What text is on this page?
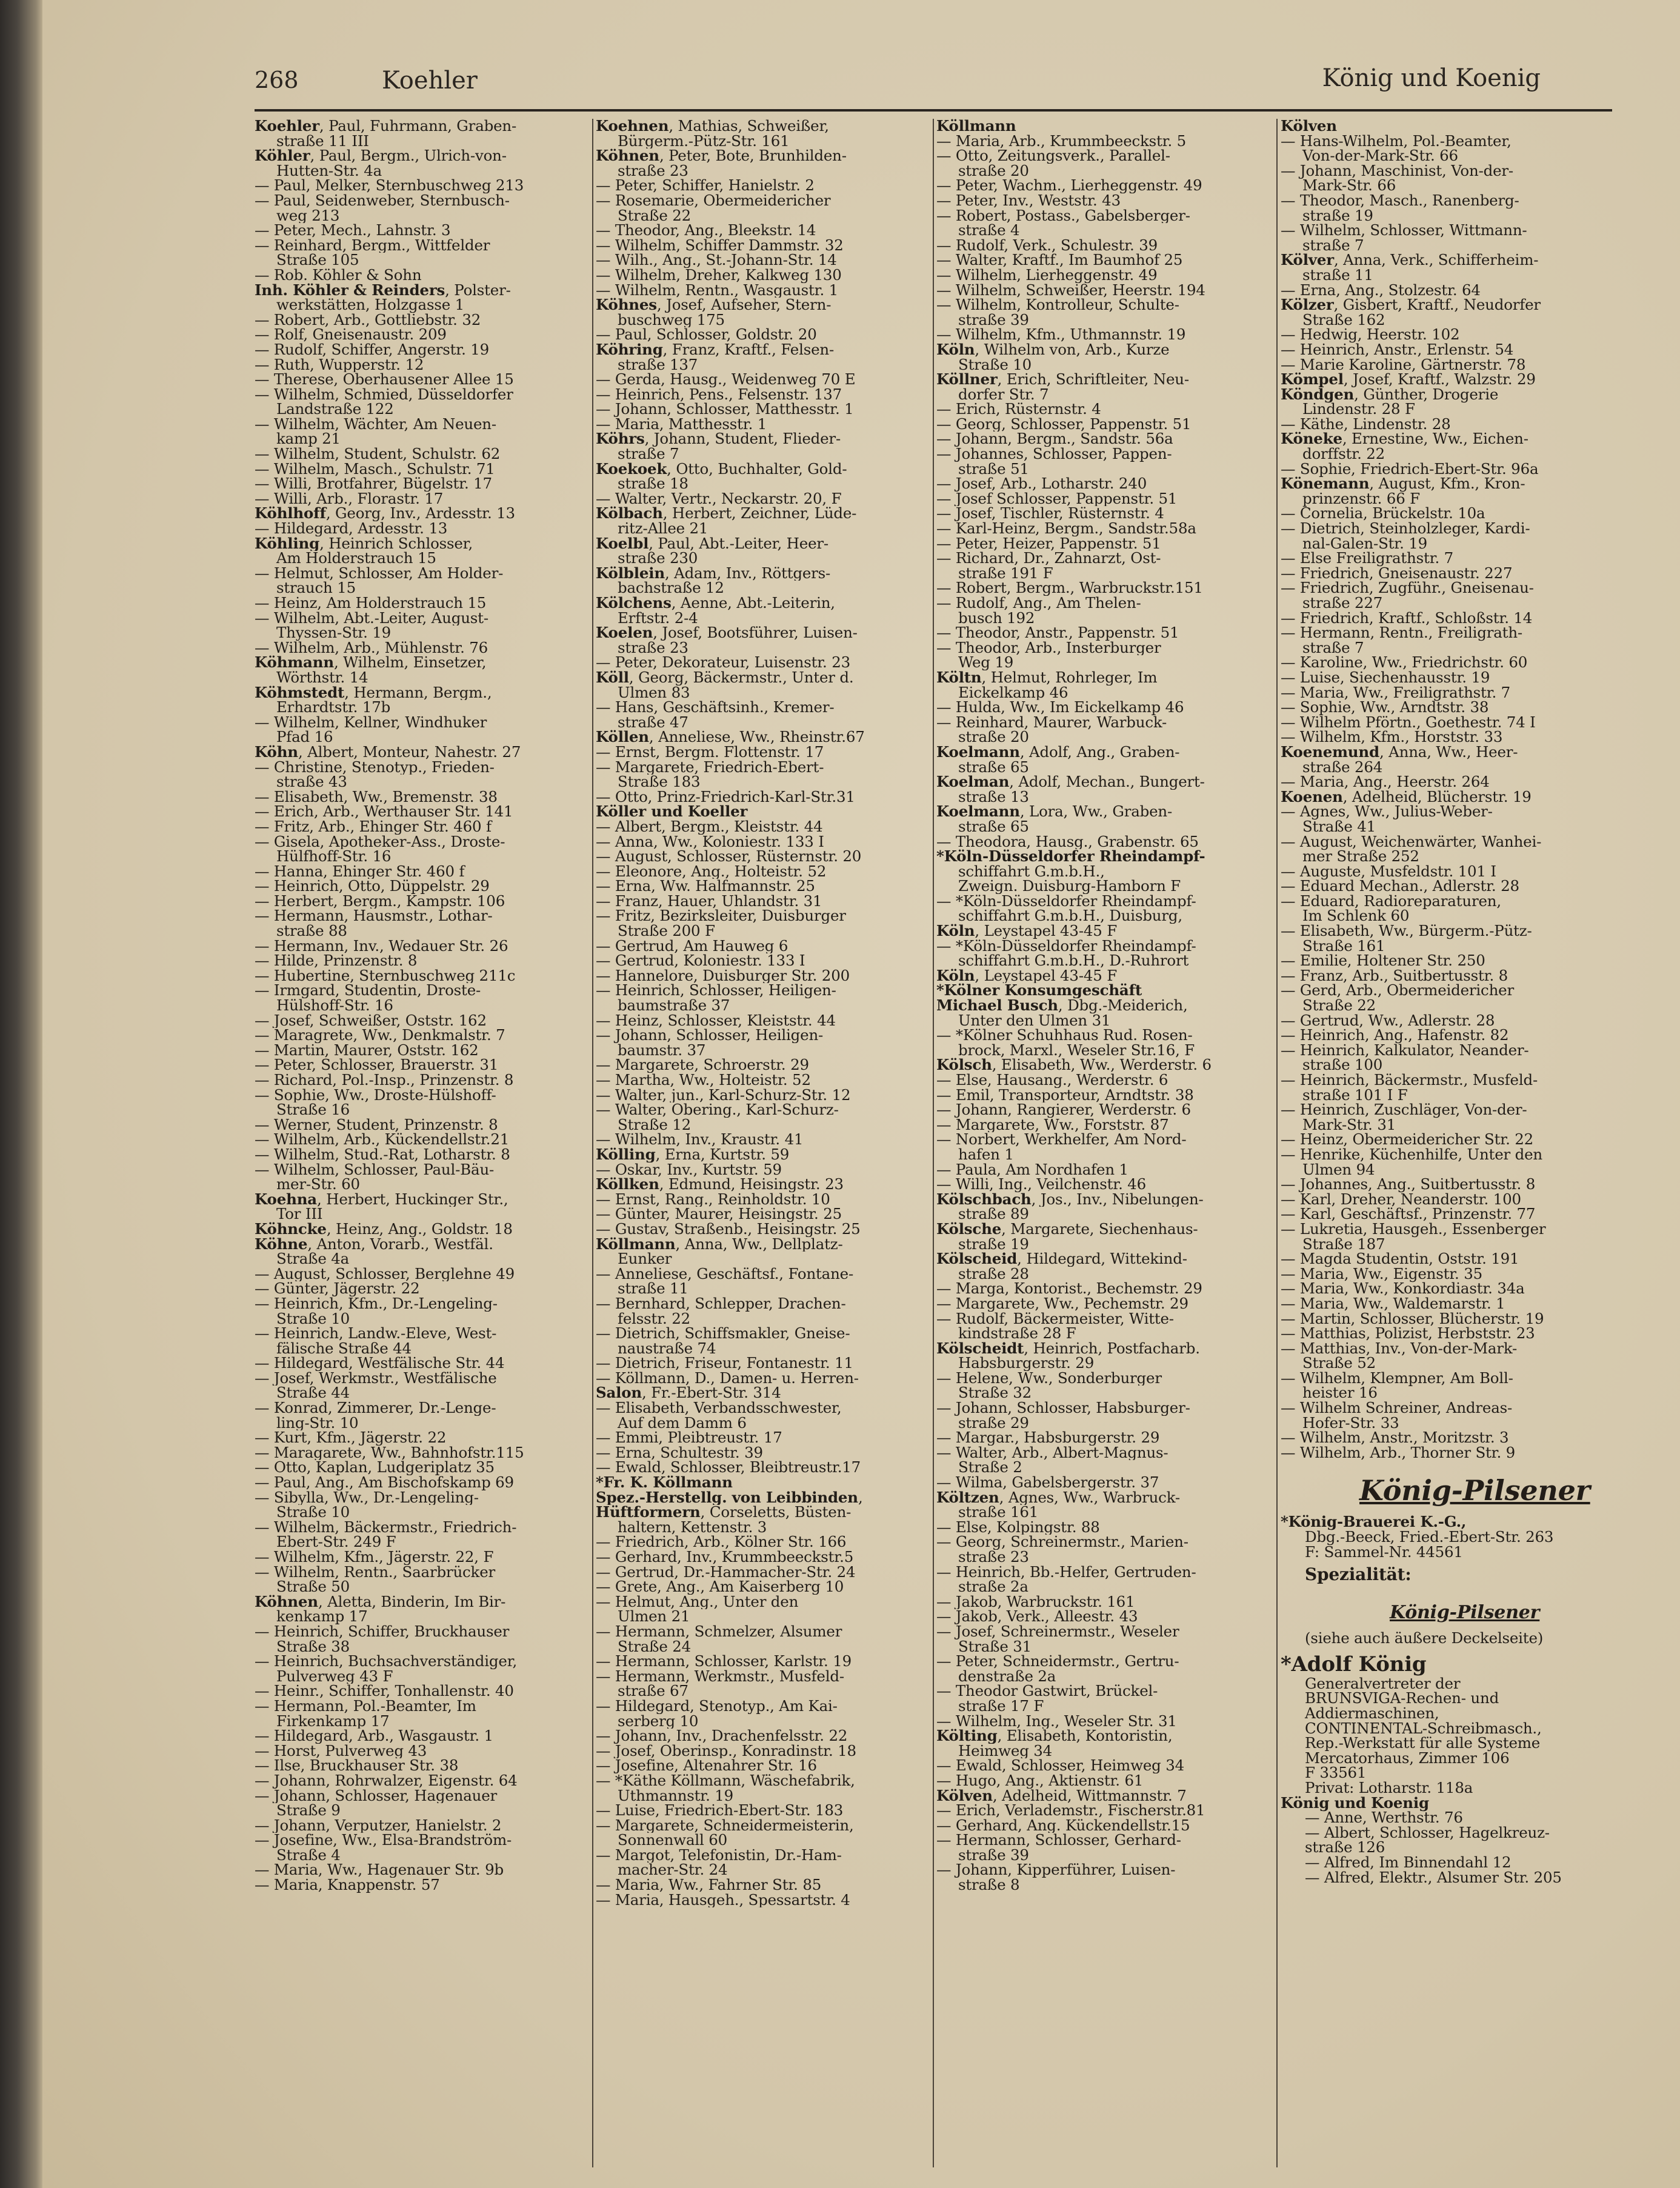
268	Koehler	König und Koenig
Koehler, Paul, Fuhrmann, Graben-
straße 11 III
Köhler, Paul, Bergm., Ulrich-von-
Hutten-Str. 4a
— Paul, Melker, Sternbuschweg 213
— Paul, Seidenweber, Sternbusch-
weg 213
— Peter, Mech., Lahnstr. 3
— Reinhard, Bergm., Wittfelder
Straße 105
— Rob. Köhler & Sohn
Inh. Köhler & Reinders, Polster-
werkstätten, Holzgasse 1
— Robert, Arb., Gottliebstr. 32
— Rolf, Gneisenaustr. 209
— Rudolf, Schiffer, Angerstr. 19
— Ruth, Wupperstr. 12
— Therese, Oberhausener Allee 15
— Wilhelm, Schmied, Düsseldorfer
Landstraße 122
— Wilhelm, Wächter, Am Neuen-
kamp 21
— Wilhelm, Student, Schulstr. 62
— Wilhelm, Masch., Schulstr. 71
— Willi, Brotfahrer, Bügelstr. 17
— Willi, Arb., Florastr. 17
Köhlhoff, Georg, Inv., Ardesstr. 13
— Hildegard, Ardesstr. 13
Köhling, Heinrich Schlosser,
Am Holderstrauch 15
— Helmut, Schlosser, Am Holder-
strauch 15
— Heinz, Am Holderstrauch 15
— Wilhelm, Abt.-Leiter, August-
Thyssen-Str. 19
— Wilhelm, Arb., Mühlenstr. 76
Köhmann, Wilhelm, Einsetzer,
Wörthstr. 14
Köhmstedt, Hermann, Bergm.,
Erhardtstr. 17b
— Wilhelm, Kellner, Windhuker
Pfad 16
Köhn, Albert, Monteur, Nahestr. 27
— Christine, Stenotyp., Frieden-
straße 43
— Elisabeth, Ww., Bremenstr. 38
— Erich, Arb., Werthauser Str. 141
— Fritz, Arb., Ehinger Str. 460 f
— Gisela, Apotheker-Ass., Droste-
Hülfhoff-Str. 16
— Hanna, Ehinger Str. 460 f
— Heinrich, Otto, Düppelstr. 29
— Herbert, Bergm., Kampstr. 106
— Hermann, Hausmstr., Lothar-
straße 88
— Hermann, Inv., Wedauer Str. 26
— Hilde, Prinzenstr. 8
— Hubertine, Sternbuschweg 211c
— Irmgard, Studentin, Droste-
Hülshoff-Str. 16
— Josef, Schweißer, Oststr. 162
— Maragrete, Ww., Denkmalstr. 7
— Martin, Maurer, Oststr. 162
— Peter, Schlosser, Brauerstr. 31
— Richard, Pol.-Insp., Prinzenstr. 8
— Sophie, Ww., Droste-Hülshoff-
Straße 16
— Werner, Student, Prinzenstr. 8
— Wilhelm, Arb., Kückendellstr.21
— Wilhelm, Stud.-Rat, Lotharstr. 8
— Wilhelm, Schlosser, Paul-Bäu-
mer-Str. 60
Koehna, Herbert, Huckinger Str.,
Tor III
Köhncke, Heinz, Ang., Goldstr. 18
Köhne, Anton, Vorarb., Westfäl.
Straße 4a
— August, Schlosser, Berglehne 49
— Günter, Jägerstr. 22
— Heinrich, Kfm., Dr.-Lengeling-
Straße 10
— Heinrich, Landw.-Eleve, West-
fälische Straße 44
— Hildegard, Westfälische Str. 44
— Josef, Werkmstr., Westfälische
Straße 44
— Konrad, Zimmerer, Dr.-Lenge-
ling-Str. 10
— Kurt, Kfm., Jägerstr. 22
— Maragarete, Ww., Bahnhofstr.115
— Otto, Kaplan, Ludgeriplatz 35
— Paul, Ang., Am Bischofskamp 69
— Sibylla, Ww., Dr.-Lengeling-
Straße 10
— Wilhelm, Bäckermstr., Friedrich-
Ebert-Str. 249 F
— Wilhelm, Kfm., Jägerstr. 22, F
— Wilhelm, Rentn., Saarbrücker
Straße 50
Köhnen, Aletta, Binderin, Im Bir-
kenkamp 17
— Heinrich, Schiffer, Bruckhauser
Straße 38
— Heinrich, Buchsachverständiger,
Pulverweg 43 F
— Heinr., Schiffer, Tonhallenstr. 40
— Hermann, Pol.-Beamter, Im
Firkenkamp 17
— Hildegard, Arb., Wasgaustr. 1
— Horst, Pulverweg 43
— Ilse, Bruckhauser Str. 38
— Johann, Rohrwalzer, Eigenstr. 64
— Johann, Schlosser, Hagenauer
Straße 9
— Johann, Verputzer, Hanielstr. 2
— Josefine, Ww., Elsa-Brandström-
Straße 4
— Maria, Ww., Hagenauer Str. 9b
— Maria, Knappenstr. 57
Koehnen, Mathias, Schweißer,
Bürgerm.-Pütz-Str. 161
Köhnen, Peter, Bote, Brunhilden-
straße 23
— Peter, Schiffer, Hanielstr. 2
— Rosemarie, Obermeidericher
Straße 22
— Theodor, Ang., Bleekstr. 14
— Wilhelm, Schiffer Dammstr. 32
— Wilh., Ang., St.-Johann-Str. 14
— Wilhelm, Dreher, Kalkweg 130
— Wilhelm, Rentn., Wasgaustr. 1
Köhnes, Josef, Aufseher, Stern-
buschweg 175
— Paul, Schlosser, Goldstr. 20
Köhring, Franz, Kraftf., Felsen-
straße 137
— Gerda, Hausg., Weidenweg 70 E
— Heinrich, Pens., Felsenstr. 137
— Johann, Schlosser, Matthesstr. 1
— Maria, Matthesstr. 1
Köhrs, Johann, Student, Flieder-
straße 7
Koekoek, Otto, Buchhalter, Gold-
straße 18
— Walter, Vertr., Neckarstr. 20, F
Kölbach, Herbert, Zeichner, Lüde-
ritz-Allee 21
Koelbl, Paul, Abt.-Leiter, Heer-
straße 230
Kölblein, Adam, Inv., Röttgers-
bachstraße 12
Kölchens, Aenne, Abt.-Leiterin,
Erftstr. 2-4
Koelen, Josef, Bootsführer, Luisen-
straße 23
— Peter, Dekorateur, Luisenstr. 23
Köll, Georg, Bäckermstr., Unter d.
Ulmen 83
— Hans, Geschäftsinh., Kremer-
straße 47
Köllen, Anneliese, Ww., Rheinstr.67
— Ernst, Bergm. Flottenstr. 17
— Margarete, Friedrich-Ebert-
Straße 183
— Otto, Prinz-Friedrich-Karl-Str.31
Köller und Koeller
— Albert, Bergm., Kleiststr. 44
— Anna, Ww., Koloniestr. 133 I
— August, Schlosser, Rüsternstr. 20
— Eleonore, Ang., Holteistr. 52
— Erna, Ww. Halfmannstr. 25
— Franz, Hauer, Uhlandstr. 31
— Fritz, Bezirksleiter, Duisburger
Straße 200 F
— Gertrud, Am Hauweg 6
— Gertrud, Koloniestr. 133 I
— Hannelore, Duisburger Str. 200
— Heinrich, Schlosser, Heiligen-
baumstraße 37
— Heinz, Schlosser, Kleiststr. 44
— Johann, Schlosser, Heiligen-
baumstr. 37
— Margarete, Schroerstr. 29
— Martha, Ww., Holteistr. 52
— Walter, jun., Karl-Schurz-Str. 12
— Walter, Obering., Karl-Schurz-
Straße 12
— Wilhelm, Inv., Kraustr. 41
Kölling, Erna, Kurtstr. 59
— Oskar, Inv., Kurtstr. 59
Köllken, Edmund, Heisingstr. 23
— Ernst, Rang., Reinholdstr. 10
— Günter, Maurer, Heisingstr. 25
— Gustav, Straßenb., Heisingstr. 25
Köllmann, Anna, Ww., Dellplatz-
Eunker
— Anneliese, Geschäftsf., Fontane-
straße 11
— Bernhard, Schlepper, Drachen-
felsstr. 22
— Dietrich, Schiffsmakler, Gneise-
naustraße 74
— Dietrich, Friseur, Fontanestr. 11
— Köllmann, D., Damen- u. Herren-
Salon, Fr.-Ebert-Str. 314
— Elisabeth, Verbandsschwester,
Auf dem Damm 6
— Emmi, Pleibtreustr. 17
— Erna, Schultestr. 39
— Ewald, Schlosser, Bleibtreustr.17
*Fr. K. Köllmann
Spez.-Herstellg. von Leibbinden,
Hüftformern, Corseletts, Büsten-
haltern, Kettenstr. 3
— Friedrich, Arb., Kölner Str. 166
— Gerhard, Inv., Krummbeeckstr.5
— Gertrud, Dr.-Hammacher-Str. 24
— Grete, Ang., Am Kaiserberg 10
— Helmut, Ang., Unter den
Ulmen 21
— Hermann, Schmelzer, Alsumer
Straße 24
— Hermann, Schlosser, Karlstr. 19
— Hermann, Werkmstr., Musfeld-
straße 67
— Hildegard, Stenotyp., Am Kai-
serberg 10
— Johann, Inv., Drachenfelsstr. 22
— Josef, Oberinsp., Konradinstr. 18
— Josefine, Altenahrer Str. 16
— *Käthe Köllmann, Wäschefabrik,
Uthmannstr. 19
— Luise, Friedrich-Ebert-Str. 183
— Margarete, Schneidermeisterin,
Sonnenwall 60
— Margot, Telefonistin, Dr.-Ham-
macher-Str. 24
— Maria, Ww., Fahrner Str. 85
— Maria, Hausgeh., Spessartstr. 4
Köllmann
— Maria, Arb., Krummbeeckstr. 5
— Otto, Zeitungsverk., Parallel-
straße 20
— Peter, Wachm., Lierheggenstr. 49
— Peter, Inv., Weststr. 43
— Robert, Postass., Gabelsberger-
straße 4
— Rudolf, Verk., Schulestr. 39
— Walter, Kraftf., Im Baumhof 25
— Wilhelm, Lierheggenstr. 49
— Wilhelm, Schweißer, Heerstr. 194
— Wilhelm, Kontrolleur, Schulte-
straße 39
— Wilhelm, Kfm., Uthmannstr. 19
Köln, Wilhelm von, Arb., Kurze
Straße 10
Köllner, Erich, Schriftleiter, Neu-
dorfer Str. 7
— Erich, Rüsternstr. 4
— Georg, Schlosser, Pappenstr. 51
— Johann, Bergm., Sandstr. 56a
— Johannes, Schlosser, Pappen-
straße 51
— Josef, Arb., Lotharstr. 240
— Josef Schlosser, Pappenstr. 51
— Josef, Tischler, Rüsternstr. 4
— Karl-Heinz, Bergm., Sandstr.58a
— Peter, Heizer, Pappenstr. 51
— Richard, Dr., Zahnarzt, Ost-
straße 191 F
— Robert, Bergm., Warbruckstr.151
— Rudolf, Ang., Am Thelen-
busch 192
— Theodor, Anstr., Pappenstr. 51
— Theodor, Arb., Insterburger
Weg 19
Költn, Helmut, Rohrleger, Im
Eickelkamp 46
— Hulda, Ww., Im Eickelkamp 46
— Reinhard, Maurer, Warbuck-
straße 20
Koelmann, Adolf, Ang., Graben-
straße 65
Koelman, Adolf, Mechan., Bungert-
straße 13
Koelmann, Lora, Ww., Graben-
straße 65
— Theodora, Hausg., Grabenstr. 65
*Köln-Düsseldorfer Rheindampf-
schiffahrt G.m.b.H.,
Zweign. Duisburg-Hamborn F
— *Köln-Düsseldorfer Rheindampf-
schiffahrt G.m.b.H., Duisburg,
Köln, Leystapel 43-45 F
— *Köln-Düsseldorfer Rheindampf-
schiffahrt G.m.b.H., D.-Ruhrort
Köln, Leystapel 43-45 F
*Kölner Konsumgeschäft
Michael Busch, Dbg.-Meiderich,
Unter den Ulmen 31
— *Kölner Schuhhaus Rud. Rosen-
brock, Marxl., Weseler Str.16, F
Kölsch, Elisabeth, Ww., Werderstr. 6
— Else, Hausang., Werderstr. 6
— Emil, Transporteur, Arndtstr. 38
— Johann, Rangierer, Werderstr. 6
— Margarete, Ww., Forststr. 87
— Norbert, Werkhelfer, Am Nord-
hafen 1
— Paula, Am Nordhafen 1
— Willi, Ing., Veilchenstr. 46
Kölschbach, Jos., Inv., Nibelungen-
straße 89
Kölsche, Margarete, Siechenhaus-
straße 19
Kölscheid, Hildegard, Wittekind-
straße 28
— Marga, Kontorist., Bechemstr. 29
— Margarete, Ww., Pechemstr. 29
— Rudolf, Bäckermeister, Witte-
kindstraße 28 F
Kölscheidt, Heinrich, Postfacharb.
Habsburgerstr. 29
— Helene, Ww., Sonderburger
Straße 32
— Johann, Schlosser, Habsburger-
straße 29
— Margar., Habsburgerstr. 29
— Walter, Arb., Albert-Magnus-
Straße 2
— Wilma, Gabelsbergerstr. 37
Költzen, Agnes, Ww., Warbruck-
straße 161
— Else, Kolpingstr. 88
— Georg, Schreinermstr., Marien-
straße 23
— Heinrich, Bb.-Helfer, Gertruden-
straße 2a
— Jakob, Warbruckstr. 161
— Jakob, Verk., Alleestr. 43
— Josef, Schreinermstr., Weseler
Straße 31
— Peter, Schneidermstr., Gertru-
denstraße 2a
— Theodor Gastwirt, Brückel-
straße 17 F
— Wilhelm, Ing., Weseler Str. 31
Költing, Elisabeth, Kontoristin,
Heimweg 34
— Ewald, Schlosser, Heimweg 34
— Hugo, Ang., Aktienstr. 61
Kölven, Adelheid, Wittmannstr. 7
— Erich, Verlademstr., Fischerstr.81
— Gerhard, Ang. Kückendellstr.15
— Hermann, Schlosser, Gerhard-
straße 39
— Johann, Kipperführer, Luisen-
straße 8
Kölven
— Hans-Wilhelm, Pol.-Beamter,
Von-der-Mark-Str. 66
— Johann, Maschinist, Von-der-
Mark-Str. 66
— Theodor, Masch., Ranenberg-
straße 19
— Wilhelm, Schlosser, Wittmann-
straße 7
Kölver, Anna, Verk., Schifferheim-
straße 11
— Erna, Ang., Stolzestr. 64
Kölzer, Gisbert, Kraftf., Neudorfer
Straße 162
— Hedwig, Heerstr. 102
— Heinrich, Anstr., Erlenstr. 54
— Marie Karoline, Gärtnerstr. 78
Kömpel, Josef, Kraftf., Walzstr. 29
Köndgen, Günther, Drogerie
Lindenstr. 28 F
— Käthe, Lindenstr. 28
Köneke, Ernestine, Ww., Eichen-
dorffstr. 22
— Sophie, Friedrich-Ebert-Str. 96a
Könemann, August, Kfm., Kron-
prinzenstr. 66 F
— Cornelia, Brückelstr. 10a
— Dietrich, Steinholzleger, Kardi-
nal-Galen-Str. 19
— Else Freiligrathstr. 7
— Friedrich, Gneisenaustr. 227
— Friedrich, Zugführ., Gneisenau-
straße 227
— Friedrich, Kraftf., Schloßstr. 14
— Hermann, Rentn., Freiligrath-
straße 7
— Karoline, Ww., Friedrichstr. 60
— Luise, Siechenhausstr. 19
— Maria, Ww., Freiligrathstr. 7
— Sophie, Ww., Arndtstr. 38
— Wilhelm Pförtn., Goethestr. 74 I
— Wilhelm, Kfm., Horststr. 33
Koenemund, Anna, Ww., Heer-
straße 264
— Maria, Ang., Heerstr. 264
Koenen, Adelheid, Blücherstr. 19
— Agnes, Ww., Julius-Weber-
Straße 41
— August, Weichenwärter, Wanhei-
mer Straße 252
— Auguste, Musfeldstr. 101 I
— Eduard Mechan., Adlerstr. 28
— Eduard, Radioreparaturen,
Im Schlenk 60
— Elisabeth, Ww., Bürgerm.-Pütz-
Straße 161
— Emilie, Holtener Str. 250
— Franz, Arb., Suitbertusstr. 8
— Gerd, Arb., Obermeidericher
Straße 22
— Gertrud, Ww., Adlerstr. 28
— Heinrich, Ang., Hafenstr. 82
— Heinrich, Kalkulator, Neander-
straße 100
— Heinrich, Bäckermstr., Musfeld-
straße 101 I F
— Heinrich, Zuschläger, Von-der-
Mark-Str. 31
— Heinz, Obermeidericher Str. 22
— Henrike, Küchenhilfe, Unter den
Ulmen 94
— Johannes, Ang., Suitbertusstr. 8
— Karl, Dreher, Neanderstr. 100
— Karl, Geschäftsf., Prinzenstr. 77
— Lukretia, Hausgeh., Essenberger
Straße 187
— Magda Studentin, Oststr. 191
— Maria, Ww., Eigenstr. 35
— Maria, Ww., Konkordiastr. 34a
— Maria, Ww., Waldemarstr. 1
— Martin, Schlosser, Blücherstr. 19
— Matthias, Polizist, Herbststr. 23
— Matthias, Inv., Von-der-Mark-
Straße 52
— Wilhelm, Klempner, Am Boll-
heister 16
— Wilhelm Schreiner, Andreas-
Hofer-Str. 33
— Wilhelm, Anstr., Moritzstr. 3
— Wilhelm, Arb., Thorner Str. 9
König-Pilsener
*König-Brauerei K.-G.,
Dbg.-Beeck, Fried.-Ebert-Str. 263
F: Sammel-Nr. 44561
Spezialität:
König-Pilsener
(siehe auch äußere Deckelseite)
*Adolf König
Generalvertreter der
BRUNSVIGA-Rechen- und
Addiermaschinen,
CONTINENTAL-Schreibmasch.,
Rep.-Werkstatt für alle Systeme
Mercatorhaus, Zimmer 106
F 33561
Privat: Lotharstr. 118a
König und Koenig
— Anne, Werthstr. 76
— Albert, Schlosser, Hagelkreuz-
straße 126
— Alfred, Im Binnendahl 12
— Alfred, Elektr., Alsumer Str. 205
